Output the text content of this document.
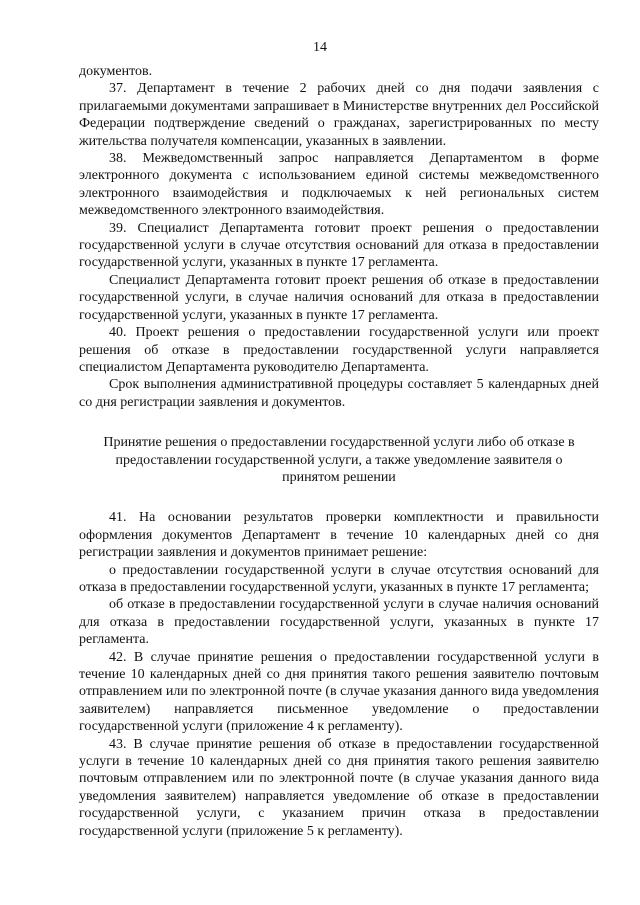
14

документов.

37. Департамент в течение 2 рабочих дней со дня подачи заявления с прилагаемыми документами запрашивает в Министерстве внутренних дел Российской Федерации подтверждение сведений о гражданах, зарегистрированных по месту жительства получателя компенсации, указанных в заявлении.

38. Межведомственный запрос направляется Департаментом в форме электронного документа с использованием единой системы межведомственного электронного взаимодействия и подключаемых к ней региональных систем межведомственного электронного взаимодействия.

39. Специалист Департамента готовит проект решения о предоставлении государственной услуги в случае отсутствия оснований для отказа в предоставлении государственной услуги, указанных в пункте 17 регламента.

Специалист Департамента готовит проект решения об отказе в предоставлении государственной услуги, в случае наличия оснований для отказа в предоставлении государственной услуги, указанных в пункте 17 регламента.

40. Проект решения о предоставлении государственной услуги или проект решения об отказе в предоставлении государственной услуги направляется специалистом Департамента руководителю Департамента.

Срок выполнения административной процедуры составляет 5 календарных дней со дня регистрации заявления и документов.

Принятие решения о предоставлении государственной услуги либо об отказе в предоставлении государственной услуги, а также уведомление заявителя о принятом решении

41. На основании результатов проверки комплектности и правильности оформления документов Департамент в течение 10 календарных дней со дня регистрации заявления и документов принимает решение:

о предоставлении государственной услуги в случае отсутствия оснований для отказа в предоставлении государственной услуги, указанных в пункте 17 регламента;

об отказе в предоставлении государственной услуги в случае наличия оснований для отказа в предоставлении государственной услуги, указанных в пункте 17 регламента.

42. В случае принятие решения о предоставлении государственной услуги в течение 10 календарных дней со дня принятия такого решения заявителю почтовым отправлением или по электронной почте (в случае указания данного вида уведомления заявителем) направляется письменное уведомление о предоставлении государственной услуги (приложение 4 к регламенту).

43. В случае принятие решения об отказе в предоставлении государственной услуги в течение 10 календарных дней со дня принятия такого решения заявителю почтовым отправлением или по электронной почте (в случае указания данного вида уведомления заявителем) направляется уведомление об отказе в предоставлении государственной услуги, с указанием причин отказа в предоставлении государственной услуги (приложение 5 к регламенту).
